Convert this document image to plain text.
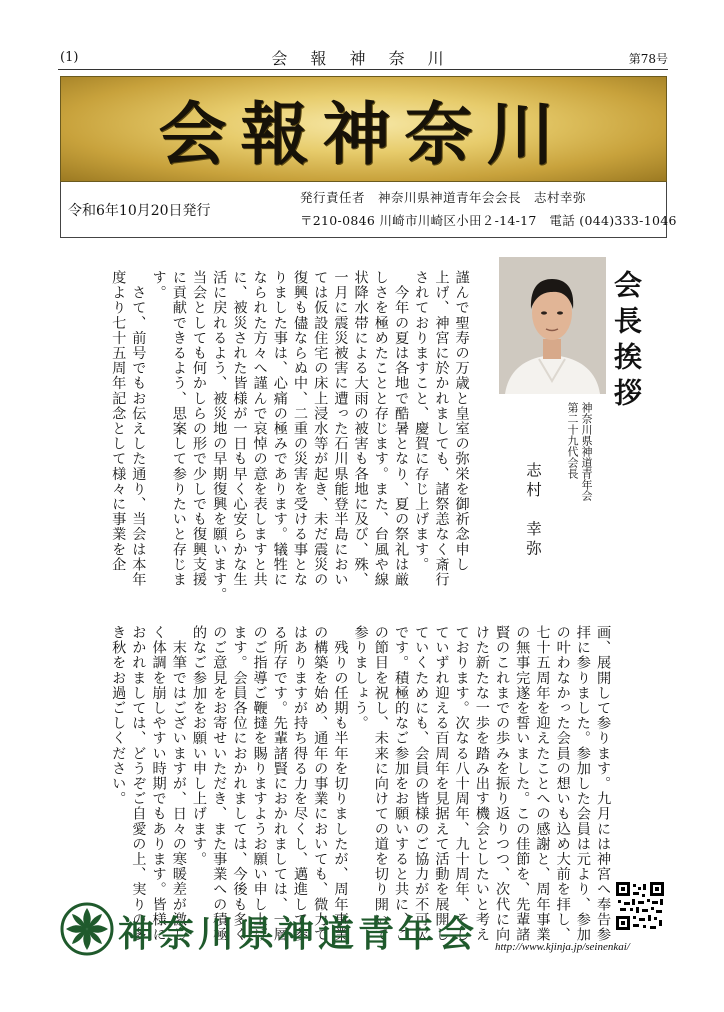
(1)	会 報 神 奈 川	第78号
会報神奈川
令和6年10月20日発行
発行責任者　神奈川県神道青年会会長　志村幸弥
〒210-0846 川崎市川崎区小田２-14-17　電話 (044)333-1046
会長挨拶
神奈川県神道青年会
第二十九代会長
志村　幸弥
謹んで聖寿の万歳と皇室の弥栄を御祈念申し
上げ、神宮に於かれましても、諸祭恙なく斎行
されておりますこと、慶賀に存じ上げます。
　今年の夏は各地で酷暑となり、夏の祭礼は厳
しさを極めたことと存じます。また、台風や線
状降水帯による大雨の被害も各地に及び、殊、
一月に震災被害に遭った石川県能登半島におい
ては仮設住宅の床上浸水等が起き、未だ震災の
復興も儘ならぬ中、二重の災害を受ける事とな
りました事は、心痛の極みであります。犠牲に
なられた方々へ謹んで哀悼の意を表しますと共
に、被災された皆様が一日も早く心安らかな生
活に戻れるよう、被災地の早期復興を願います。
当会としても何かしらの形で少しでも復興支援
に貢献できるよう、思案して参りたいと存じま
す。
　さて、前号でもお伝えした通り、当会は本年
度より七十五周年記念として様々に事業を企
画、展開して参ります。九月には神宮へ奉告参
拝に参りました。参加した会員は元より、参加
の叶わなかった会員の想いも込め大前を拝し、
七十五周年を迎えたことへの感謝と、周年事業
の無事完遂を誓いました。この佳節を、先輩諸
賢のこれまでの歩みを振り返りつつ、次代に向
けた新たな一歩を踏み出す機会としたいと考え
ております。次なる八十周年、九十周年、そし
ていずれ迎える百周年を見据えて活動を展開し
ていくためにも、会員の皆様のご協力が不可欠
です。積極的なご参加をお願いすると共に、こ
の節目を祝し、未来に向けての道を切り開いて
参りましょう。
　残りの任期も半年を切りましたが、周年事業
の構築を始め、通年の事業においても、微力で
はありますが持ち得る力を尽くし、邁進して参
る所存です。先輩諸賢におかれましては、一層
のご指導ご鞭撻を賜りますようお願い申し上げ
ます。会員各位におかれましては、今後も多く
のご意見をお寄せいただき、また事業への積極
的なご参加をお願い申し上げます。
　末筆ではございますが、日々の寒暖差が激し
く体調を崩しやすい時期でもあります。皆様に
おかれましては、どうぞご自愛の上、実りの多
き秋をお過ごしください。
神奈川県神道青年会 http://www.kjinja.jp/seinenkai/
